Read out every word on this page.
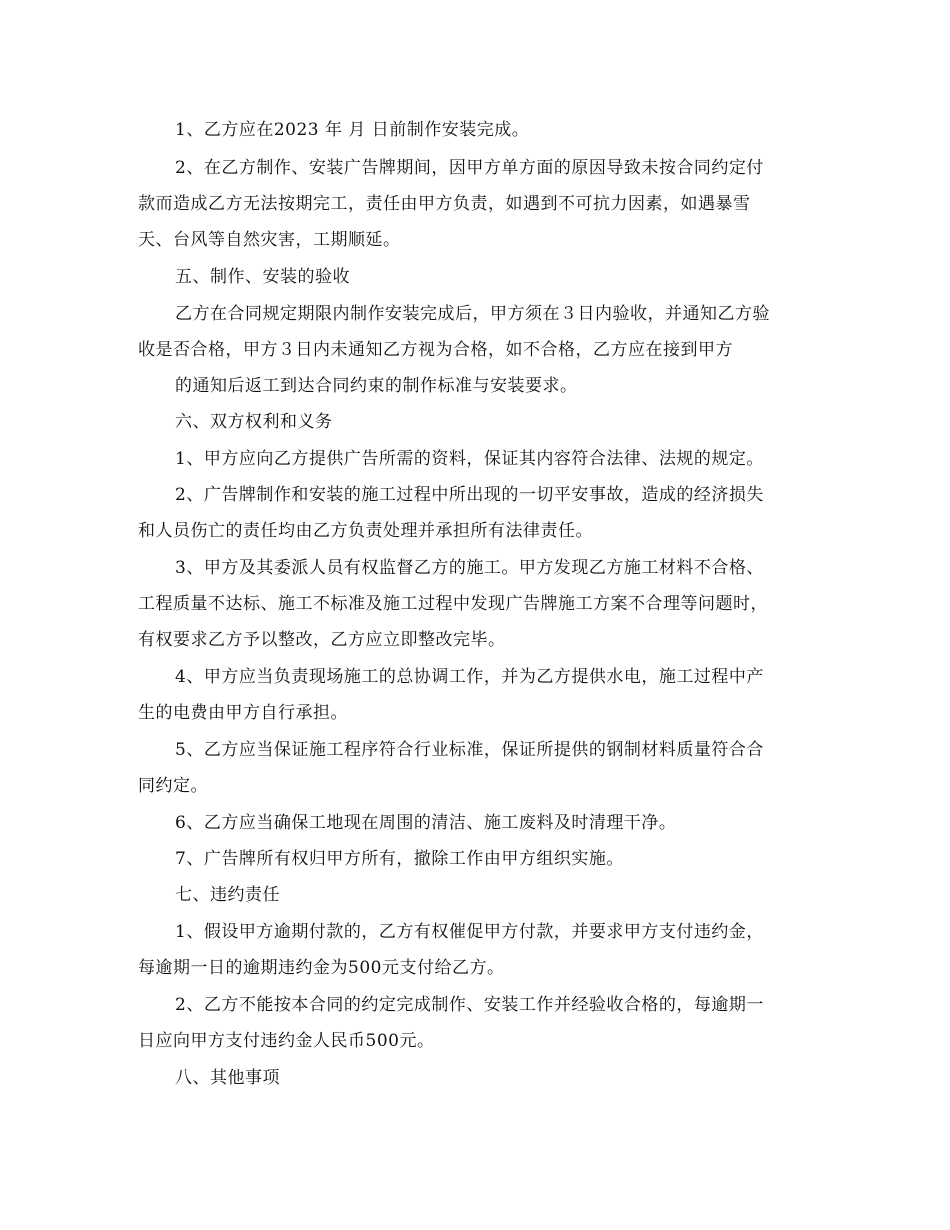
1、乙方应在2023 年 月 日前制作安装完成。
2、在乙方制作、安装广告牌期间，因甲方单方面的原因导致未按合同约定付
款而造成乙方无法按期完工，责任由甲方负责，如遇到不可抗力因素，如遇暴雪
天、台风等自然灾害，工期顺延。
五、制作、安装的验收
乙方在合同规定期限内制作安装完成后，甲方须在３日内验收，并通知乙方验
收是否合格，甲方３日内未通知乙方视为合格，如不合格，乙方应在接到甲方
的通知后返工到达合同约束的制作标准与安装要求。
六、双方权利和义务
1、甲方应向乙方提供广告所需的资料，保证其内容符合法律、法规的规定。
2、广告牌制作和安装的施工过程中所出现的一切平安事故，造成的经济损失
和人员伤亡的责任均由乙方负责处理并承担所有法律责任。
3、甲方及其委派人员有权监督乙方的施工。甲方发现乙方施工材料不合格、
工程质量不达标、施工不标准及施工过程中发现广告牌施工方案不合理等问题时，
有权要求乙方予以整改，乙方应立即整改完毕。
4、甲方应当负责现场施工的总协调工作，并为乙方提供水电，施工过程中产
生的电费由甲方自行承担。
5、乙方应当保证施工程序符合行业标准，保证所提供的钢制材料质量符合合
同约定。
6、乙方应当确保工地现在周围的清洁、施工废料及时清理干净。
7、广告牌所有权归甲方所有，撤除工作由甲方组织实施。
七、违约责任
1、假设甲方逾期付款的，乙方有权催促甲方付款，并要求甲方支付违约金，
每逾期一日的逾期违约金为500元支付给乙方。
2、乙方不能按本合同的约定完成制作、安装工作并经验收合格的，每逾期一
日应向甲方支付违约金人民币500元。
八、其他事项
